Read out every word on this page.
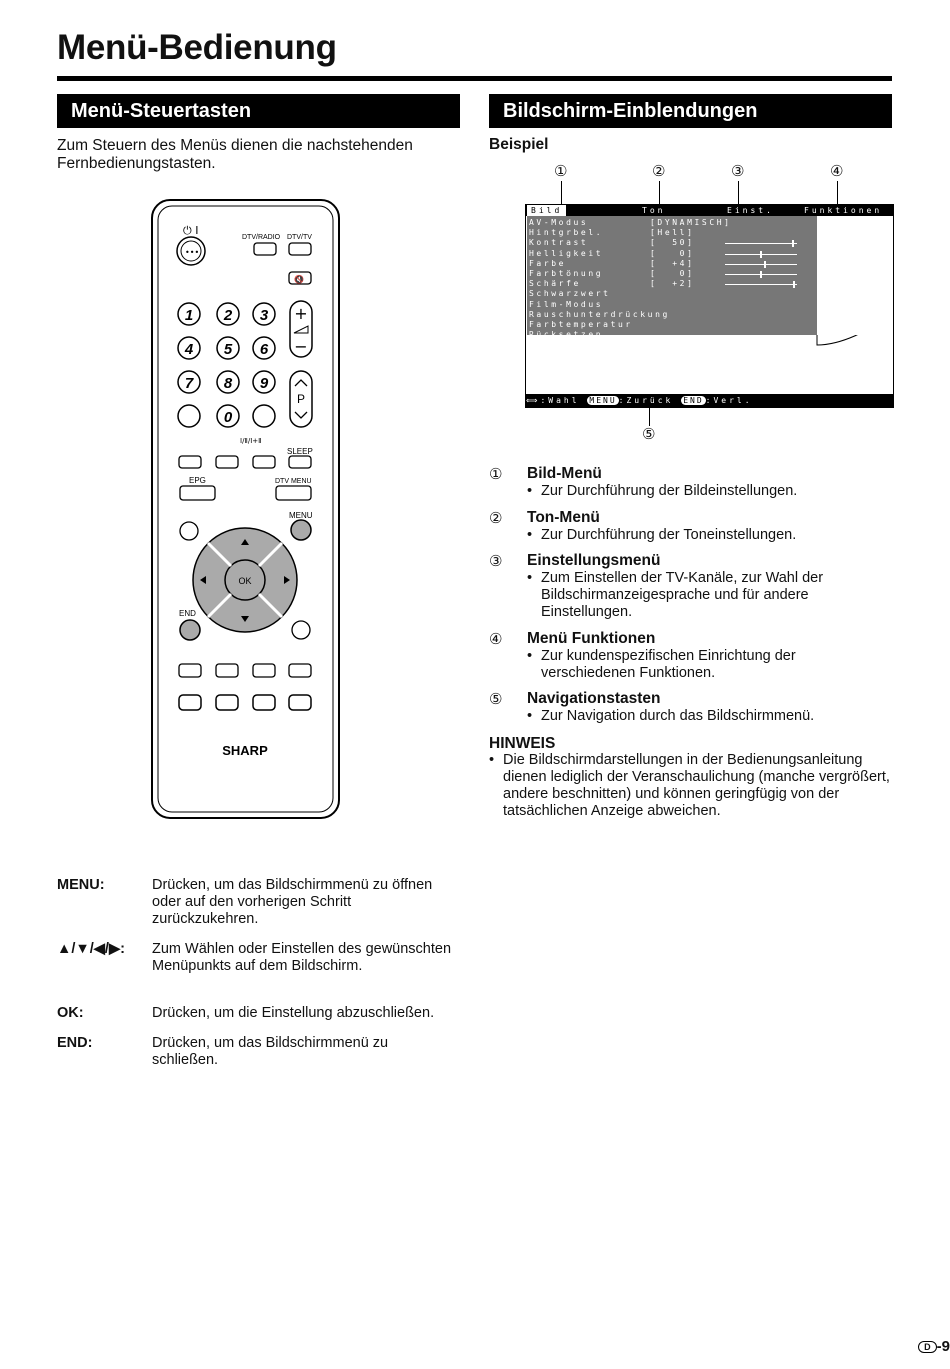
Menü-Bedienung
Menü-Steuertasten	Bildschirm-Einblendungen
Zum Steuern des Menüs dienen die nachstehenden Fernbedienungstasten.
•••
⏻ I
DTV/RADIO DTV/TV
🔇
1 2 3
4 5 6
7 8 9
0
+
−
P
Ⅰ/Ⅱ/Ⅰ+Ⅱ
SLEEP
EPG	DTV MENU
MENU
OK
END
SHARP
Beispiel
①	②	③	④
Bild	Ton	Einst.	Funktionen
AV-Modus	[DYNAMISCH]
Hintgrbel.	[Hell]
Kontrast	[  50]
Helligkeit	[   0]
Farbe	[  +4]
Farbtönung	[   0]
Schärfe	[  +2]
Schwarzwert
Film-Modus
Rauschunterdrückung
Farbtemperatur
Rücksetzen
⟺:Wahl MENU :Zurück END :Verl.
⑤
① Bild-Menü
• Zur Durchführung der Bildeinstellungen.
② Ton-Menü
• Zur Durchführung der Toneinstellungen.
③ Einstellungsmenü
• Zum Einstellen der TV-Kanäle, zur Wahl der Bildschirmanzeigesprache und für andere Einstellungen.
④ Menü Funktionen
• Zur kundenspezifischen Einrichtung der verschiedenen Funktionen.
⑤ Navigationstasten
• Zur Navigation durch das Bildschirmmenü.
HINWEIS
• Die Bildschirmdarstellungen in der Bedienungsanleitung dienen lediglich der Veranschaulichung (manche vergrößert, andere beschnitten) und können geringfügig von der tatsächlichen Anzeige abweichen.
MENU:	Drücken, um das Bildschirmmenü zu öffnen oder auf den vorherigen Schritt zurückzukehren.
▲/▼/◀/▶: Zum Wählen oder Einstellen des gewünschten Menüpunkts auf dem Bildschirm.
OK:	Drücken, um die Einstellung abzuschließen.
END:	Drücken, um das Bildschirmmenü zu schließen.
D -9
